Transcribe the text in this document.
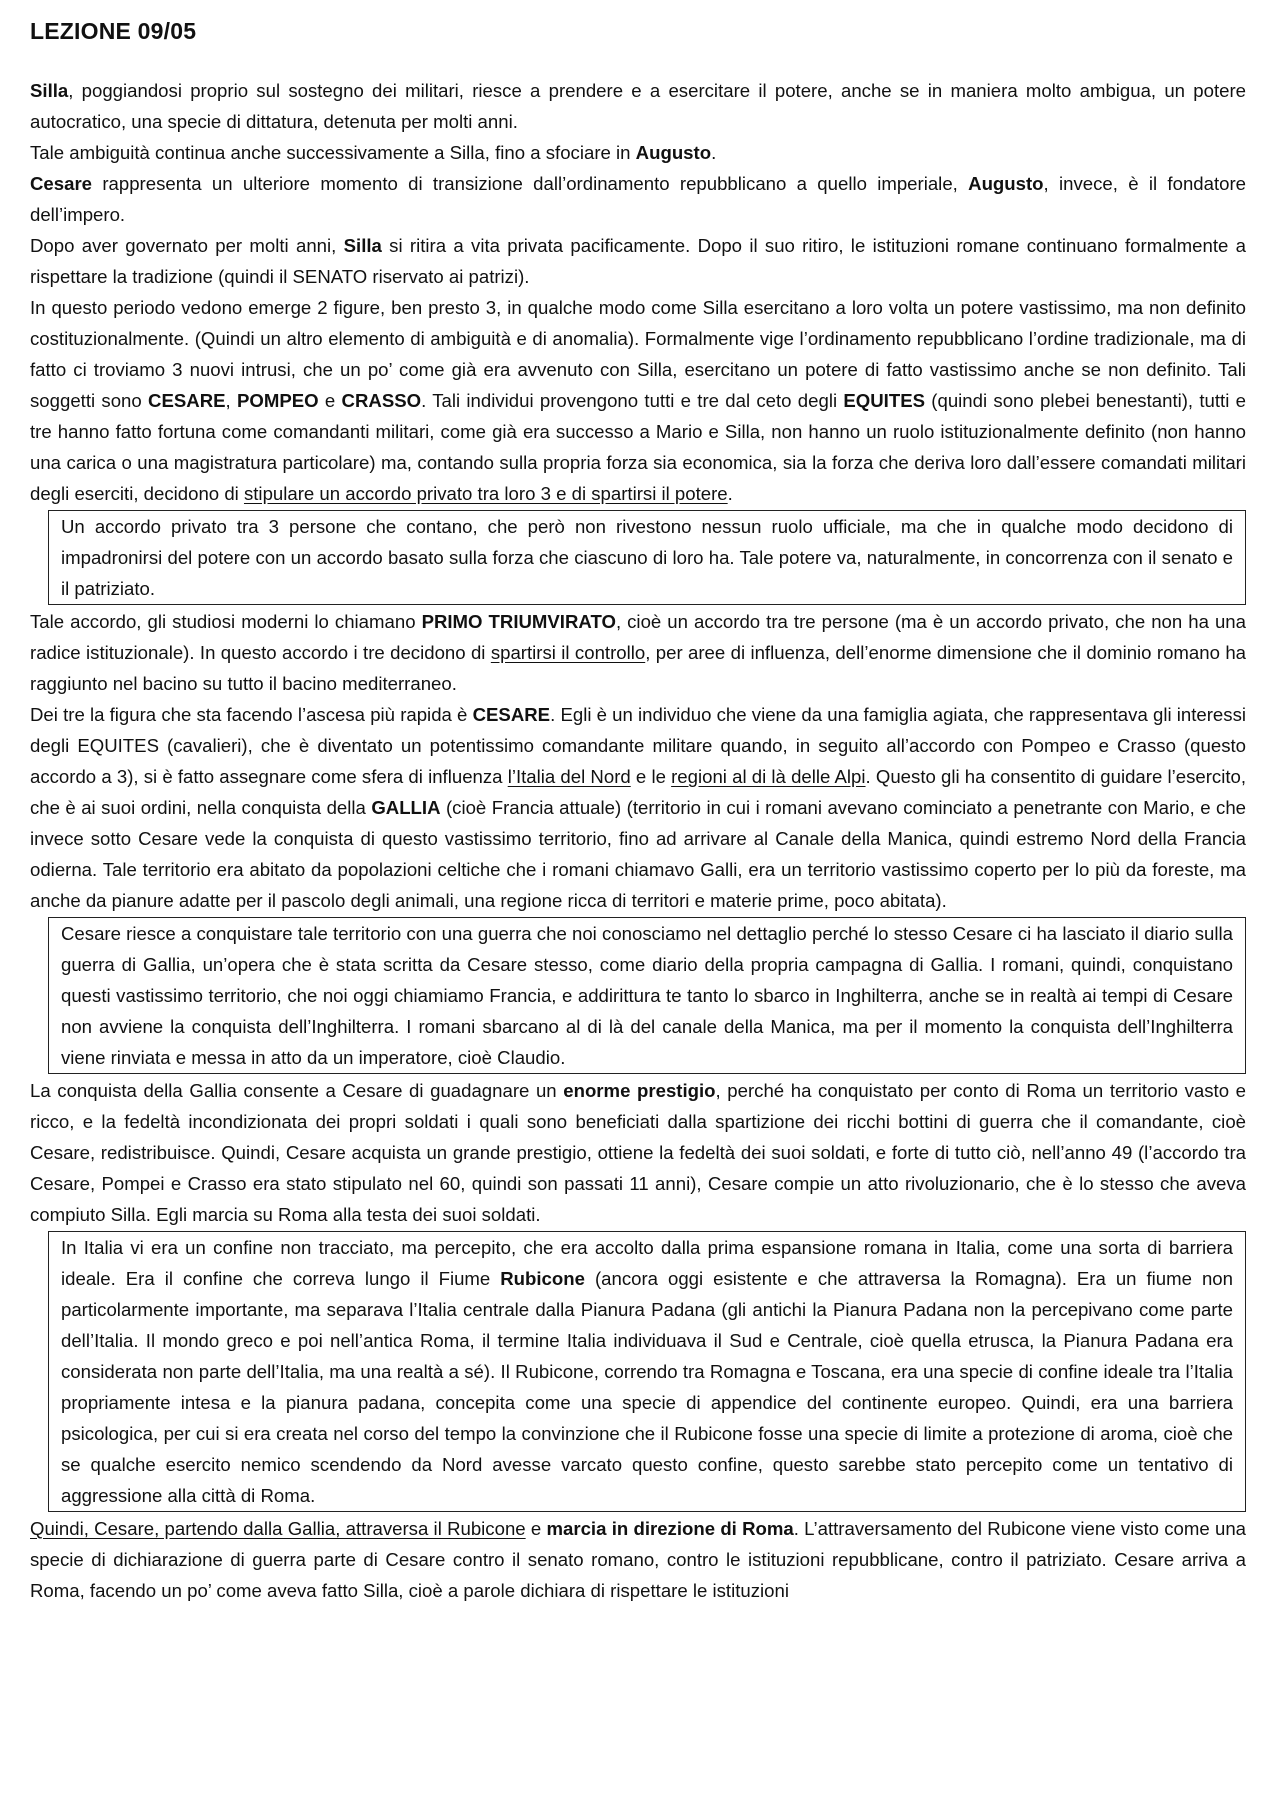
LEZIONE 09/05

Silla, poggiandosi proprio sul sostegno dei militari, riesce a prendere e a esercitare il potere, anche se in maniera molto ambigua, un potere autocratico, una specie di dittatura, detenuta per molti anni.

Tale ambiguità continua anche successivamente a Silla, fino a sfociare in Augusto.

Cesare rappresenta un ulteriore momento di transizione dall’ordinamento repubblicano a quello imperiale, Augusto, invece, è il fondatore dell’impero.

Dopo aver governato per molti anni, Silla si ritira a vita privata pacificamente. Dopo il suo ritiro, le istituzioni romane continuano formalmente a rispettare la tradizione (quindi il SENATO riservato ai patrizi).

In questo periodo vedono emerge 2 figure, ben presto 3, in qualche modo come Silla esercitano a loro volta un potere vastissimo, ma non definito costituzionalmente. (Quindi un altro elemento di ambiguità e di anomalia). Formalmente vige l’ordinamento repubblicano l’ordine tradizionale, ma di fatto ci troviamo 3 nuovi intrusi, che un po’ come già era avvenuto con Silla, esercitano un potere di fatto vastissimo anche se non definito. Tali soggetti sono CESARE, POMPEO e CRASSO. Tali individui provengono tutti e tre dal ceto degli EQUITES (quindi sono plebei benestanti), tutti e tre hanno fatto fortuna come comandanti militari, come già era successo a Mario e Silla, non hanno un ruolo istituzionalmente definito (non hanno una carica o una magistratura particolare) ma, contando sulla propria forza sia economica, sia la forza che deriva loro dall’essere comandati militari degli eserciti, decidono di stipulare un accordo privato tra loro 3 e di spartirsi il potere.

Un accordo privato tra 3 persone che contano, che però non rivestono nessun ruolo ufficiale, ma che in qualche modo decidono di impadronirsi del potere con un accordo basato sulla forza che ciascuno di loro ha. Tale potere va, naturalmente, in concorrenza con il senato e il patriziato.

Tale accordo, gli studiosi moderni lo chiamano PRIMO TRIUMVIRATO, cioè un accordo tra tre persone (ma è un accordo privato, che non ha una radice istituzionale). In questo accordo i tre decidono di spartirsi il controllo, per aree di influenza, dell’enorme dimensione che il dominio romano ha raggiunto nel bacino su tutto il bacino mediterraneo.

Dei tre la figura che sta facendo l’ascesa più rapida è CESARE. Egli è un individuo che viene da una famiglia agiata, che rappresentava gli interessi degli EQUITES (cavalieri), che è diventato un potentissimo comandante militare quando, in seguito all’accordo con Pompeo e Crasso (questo accordo a 3), si è fatto assegnare come sfera di influenza l’Italia del Nord e le regioni al di là delle Alpi. Questo gli ha consentito di guidare l’esercito, che è ai suoi ordini, nella conquista della GALLIA (cioè Francia attuale) (territorio in cui i romani avevano cominciato a penetrante con Mario, e che invece sotto Cesare vede la conquista di questo vastissimo territorio, fino ad arrivare al Canale della Manica, quindi estremo Nord della Francia odierna. Tale territorio era abitato da popolazioni celtiche che i romani chiamavo Galli, era un territorio vastissimo coperto per lo più da foreste, ma anche da pianure adatte per il pascolo degli animali, una regione ricca di territori e materie prime, poco abitata).

Cesare riesce a conquistare tale territorio con una guerra che noi conosciamo nel dettaglio perché lo stesso Cesare ci ha lasciato il diario sulla guerra di Gallia, un’opera che è stata scritta da Cesare stesso, come diario della propria campagna di Gallia. I romani, quindi, conquistano questi vastissimo territorio, che noi oggi chiamiamo Francia, e addirittura te tanto lo sbarco in Inghilterra, anche se in realtà ai tempi di Cesare non avviene la conquista dell’Inghilterra. I romani sbarcano al di là del canale della Manica, ma per il momento la conquista dell’Inghilterra viene rinviata e messa in atto da un imperatore, cioè Claudio.

La conquista della Gallia consente a Cesare di guadagnare un enorme prestigio, perché ha conquistato per conto di Roma un territorio vasto e ricco, e la fedeltà incondizionata dei propri soldati i quali sono beneficiati dalla spartizione dei ricchi bottini di guerra che il comandante, cioè Cesare, redistribuisce. Quindi, Cesare acquista un grande prestigio, ottiene la fedeltà dei suoi soldati, e forte di tutto ciò, nell’anno 49 (l’accordo tra Cesare, Pompei e Crasso era stato stipulato nel 60, quindi son passati 11 anni), Cesare compie un atto rivoluzionario, che è lo stesso che aveva compiuto Silla. Egli marcia su Roma alla testa dei suoi soldati.

In Italia vi era un confine non tracciato, ma percepito, che era accolto dalla prima espansione romana in Italia, come una sorta di barriera ideale. Era il confine che correva lungo il Fiume Rubicone (ancora oggi esistente e che attraversa la Romagna). Era un fiume non particolarmente importante, ma separava l’Italia centrale dalla Pianura Padana (gli antichi la Pianura Padana non la percepivano come parte dell’Italia. Il mondo greco e poi nell’antica Roma, il termine Italia individuava il Sud e Centrale, cioè quella etrusca, la Pianura Padana era considerata non parte dell’Italia, ma una realtà a sé). Il Rubicone, correndo tra Romagna e Toscana, era una specie di confine ideale tra l’Italia propriamente intesa e la pianura padana, concepita come una specie di appendice del continente europeo. Quindi, era una barriera psicologica, per cui si era creata nel corso del tempo la convinzione che il Rubicone fosse una specie di limite a protezione di aroma, cioè che se qualche esercito nemico scendendo da Nord avesse varcato questo confine, questo sarebbe stato percepito come un tentativo di aggressione alla città di Roma.

Quindi, Cesare, partendo dalla Gallia, attraversa il Rubicone e marcia in direzione di Roma. L’attraversamento del Rubicone viene visto come una specie di dichiarazione di guerra parte di Cesare contro il senato romano, contro le istituzioni repubblicane, contro il patriziato. Cesare arriva a Roma, facendo un po’ come aveva fatto Silla, cioè a parole dichiara di rispettare le istituzioni
